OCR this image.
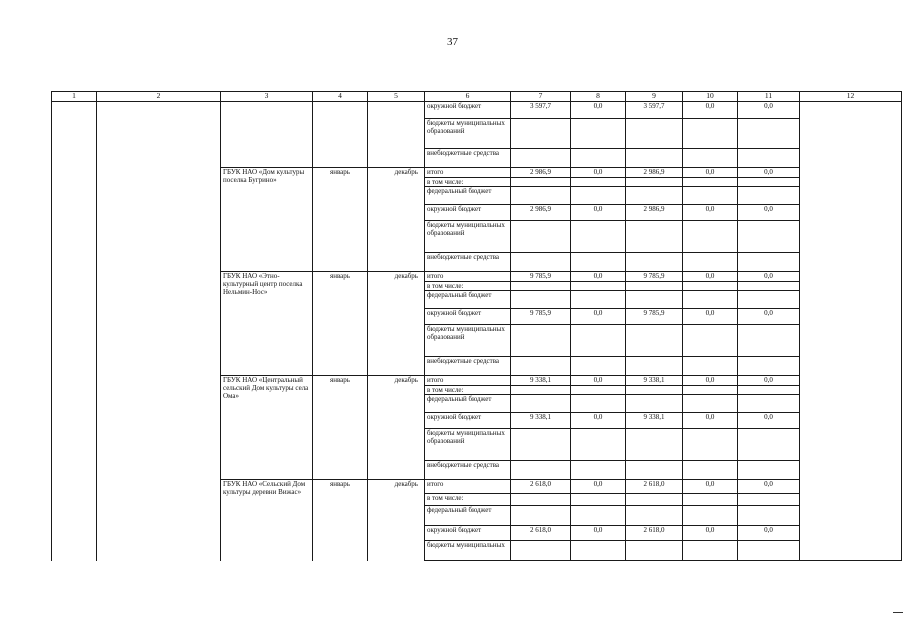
37
1	2	3	4	5	6	7	8	9	10	11	12
					окружной бюджет	3 597,7	0,0	3 597,7	0,0	0,0	
					бюджеты муниципальных образований						
					внебюджетные средства						
		ГБУК НАО «Дом культуры поселка Бугрино»	январь	декабрь	итого	2 986,9	0,0	2 986,9	0,0	0,0	
					в том числе:						
					федеральный бюджет						
					окружной бюджет	2 986,9	0,0	2 986,9	0,0	0,0	
					бюджеты муниципальных образований						
					внебюджетные средства						
		ГБУК НАО «Этно-культурный центр поселка Нельмин-Нос»	январь	декабрь	итого	9 785,9	0,0	9 785,9	0,0	0,0	
					в том числе:						
					федеральный бюджет						
					окружной бюджет	9 785,9	0,0	9 785,9	0,0	0,0	
					бюджеты муниципальных образований						
					внебюджетные средства						
		ГБУК НАО «Центральный сельский Дом культуры села Ома»	январь	декабрь	итого	9 338,1	0,0	9 338,1	0,0	0,0	
					в том числе:						
					федеральный бюджет						
					окружной бюджет	9 338,1	0,0	9 338,1	0,0	0,0	
					бюджеты муниципальных образований						
					внебюджетные средства						
		ГБУК НАО «Сельский Дом культуры деревни Вижас»	январь	декабрь	итого	2 618,0	0,0	2 618,0	0,0	0,0	
					в том числе:						
					федеральный бюджет						
					окружной бюджет	2 618,0	0,0	2 618,0	0,0	0,0	
					бюджеты муниципальных						
